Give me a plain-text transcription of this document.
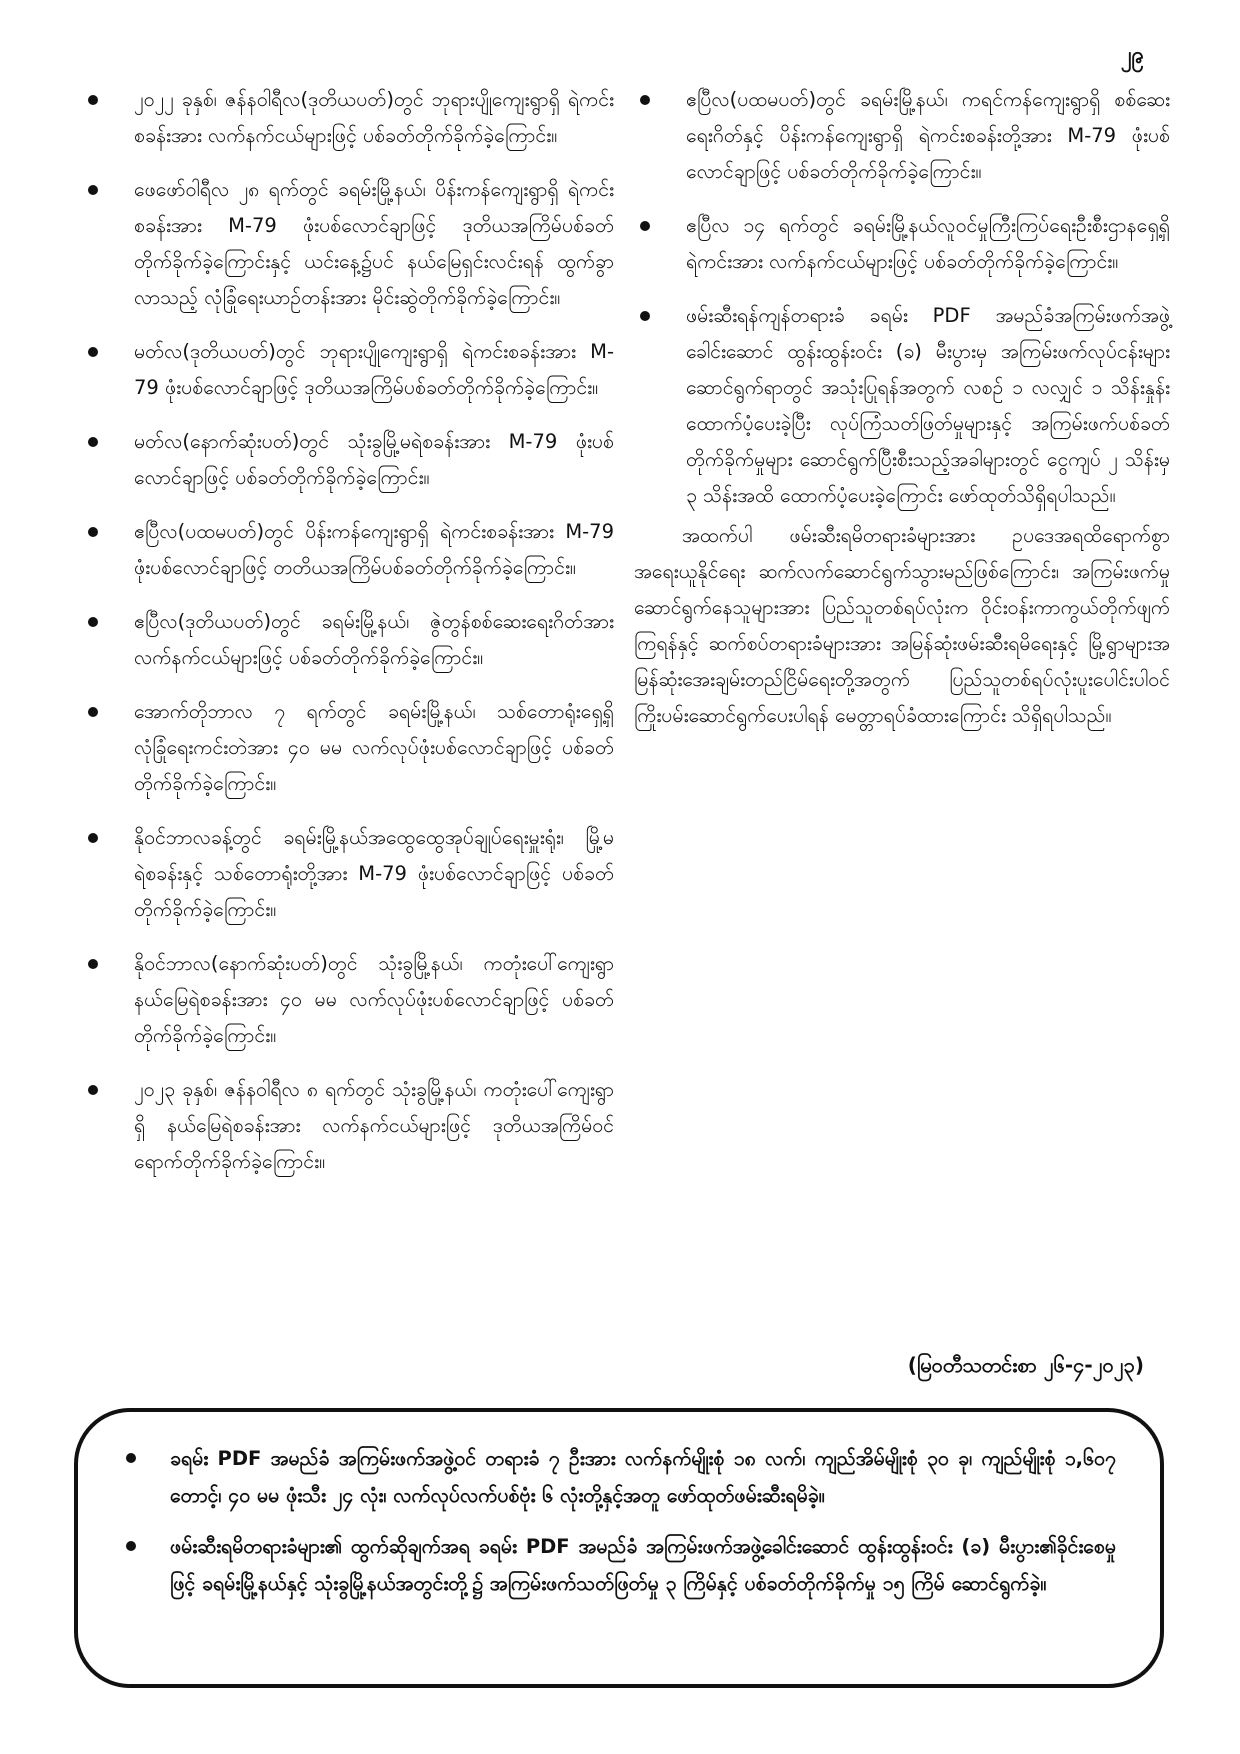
၂၉
၂၀၂၂ ခုနှစ်၊ ဇန်နဝါရီလ(ဒုတိယပတ်)တွင် ဘုရားပျိုကျေးရွာရှိ ရဲကင်းစခန်းအား လက်နက်ငယ်များဖြင့် ပစ်ခတ်တိုက်ခိုက်ခဲ့ကြောင်း။
ဖေဖော်ဝါရီလ ၂၈ ရက်တွင် ခရမ်းမြို့နယ်၊ ပိန်းကန်ကျေးရွာရှိ ရဲကင်းစခန်းအား M-79 ဖုံးပစ်လောင်ချာဖြင့် ဒုတိယအကြိမ်ပစ်ခတ်တိုက်ခိုက်ခဲ့ကြောင်းနှင့် ယင်းနေ့၌ပင် နယ်မြေရှင်းလင်းရန် ထွက်ခွာလာသည့် လုံခြုံရေးယာဉ်တန်းအား မိုင်းဆွဲတိုက်ခိုက်ခဲ့ကြောင်း။
မတ်လ(ဒုတိယပတ်)တွင် ဘုရားပျိုကျေးရွာရှိ ရဲကင်းစခန်းအား M-79 ဖုံးပစ်လောင်ချာဖြင့် ဒုတိယအကြိမ်ပစ်ခတ်တိုက်ခိုက်ခဲ့ကြောင်း။
မတ်လ(နောက်ဆုံးပတ်)တွင် သုံးခွမြို့မရဲစခန်းအား M-79 ဖုံးပစ်လောင်ချာဖြင့် ပစ်ခတ်တိုက်ခိုက်ခဲ့ကြောင်း။
ဧပြီလ(ပထမပတ်)တွင် ပိန်းကန်ကျေးရွာရှိ ရဲကင်းစခန်းအား M-79 ဖုံးပစ်လောင်ချာဖြင့် တတိယအကြိမ်ပစ်ခတ်တိုက်ခိုက်ခဲ့ကြောင်း။
ဧပြီလ(ဒုတိယပတ်)တွင် ခရမ်းမြို့နယ်၊ ဇွဲတွန်စစ်ဆေးရေးဂိတ်အား လက်နက်ငယ်များဖြင့် ပစ်ခတ်တိုက်ခိုက်ခဲ့ကြောင်း။
အောက်တိုဘာလ ၇ ရက်တွင် ခရမ်းမြို့နယ်၊ သစ်တောရုံးရှေ့ရှိ လုံခြုံရေးကင်းတဲအား ၄၀ မမ လက်လုပ်ဖုံးပစ်လောင်ချာဖြင့် ပစ်ခတ်တိုက်ခိုက်ခဲ့ကြောင်း။
နိုဝင်ဘာလခန့်တွင် ခရမ်းမြို့နယ်အထွေထွေအုပ်ချုပ်ရေးမှူးရုံး၊ မြို့မရဲစခန်းနှင့် သစ်တောရုံးတို့အား M-79 ဖုံးပစ်လောင်ချာဖြင့် ပစ်ခတ်တိုက်ခိုက်ခဲ့ကြောင်း။
နိုဝင်ဘာလ(နောက်ဆုံးပတ်)တွင် သုံးခွမြို့နယ်၊ ကတုံးပေါ်ကျေးရွာနယ်မြေရဲစခန်းအား ၄၀ မမ လက်လုပ်ဖုံးပစ်လောင်ချာဖြင့် ပစ်ခတ်တိုက်ခိုက်ခဲ့ကြောင်း။
၂၀၂၃ ခုနှစ်၊ ဇန်နဝါရီလ ၈ ရက်တွင် သုံးခွမြို့နယ်၊ ကတုံးပေါ်ကျေးရွာရှိ နယ်မြေရဲစခန်းအား လက်နက်ငယ်များဖြင့် ဒုတိယအကြိမ်ဝင်ရောက်တိုက်ခိုက်ခဲ့ကြောင်း။
ဧပြီလ(ပထမပတ်)တွင် ခရမ်းမြို့နယ်၊ ကရင်ကန်ကျေးရွာရှိ စစ်ဆေးရေးဂိတ်နှင့် ပိန်းကန်ကျေးရွာရှိ ရဲကင်းစခန်းတို့အား M-79 ဖုံးပစ်လောင်ချာဖြင့် ပစ်ခတ်တိုက်ခိုက်ခဲ့ကြောင်း။
ဧပြီလ ၁၄ ရက်တွင် ခရမ်းမြို့နယ်လူဝင်မှုကြီးကြပ်ရေးဦးစီးဌာနရှေ့ရှိ ရဲကင်းအား လက်နက်ငယ်များဖြင့် ပစ်ခတ်တိုက်ခိုက်ခဲ့ကြောင်း။
ဖမ်းဆီးရန်ကျန်တရားခံ ခရမ်း PDF အမည်ခံအကြမ်းဖက်အဖွဲ့ခေါင်းဆောင် ထွန်းထွန်းဝင်း (ခ) မီးပွားမှ အကြမ်းဖက်လုပ်ငန်းများဆောင်ရွက်ရာတွင် အသုံးပြုရန်အတွက် လစဉ် ၁ လလျှင် ၁ သိန်းနှုန်းထောက်ပံ့ပေးခဲ့ပြီး လုပ်ကြံသတ်ဖြတ်မှုများနှင့် အကြမ်းဖက်ပစ်ခတ်တိုက်ခိုက်မှုများ ဆောင်ရွက်ပြီးစီးသည့်အခါများတွင် ငွေကျပ် ၂ သိန်းမှ ၃ သိန်းအထိ ထောက်ပံ့ပေးခဲ့ကြောင်း ဖော်ထုတ်သိရှိရပါသည်။

အထက်ပါ ဖမ်းဆီးရမိတရားခံများအား ဥပဒေအရထိရောက်စွာအရေးယူနိုင်ရေး ဆက်လက်ဆောင်ရွက်သွားမည်ဖြစ်ကြောင်း၊ အကြမ်းဖက်မှုဆောင်ရွက်နေသူများအား ပြည်သူတစ်ရပ်လုံးက ဝိုင်းဝန်းကာကွယ်တိုက်ဖျက်ကြရန်နှင့် ဆက်စပ်တရားခံများအား အမြန်ဆုံးဖမ်းဆီးရမိရေးနှင့် မြို့ရွာများအမြန်ဆုံးအေးချမ်းတည်ငြိမ်ရေးတို့အတွက် ပြည်သူတစ်ရပ်လုံးပူးပေါင်းပါဝင်ကြိုးပမ်းဆောင်ရွက်ပေးပါရန် မေတ္တာရပ်ခံထားကြောင်း သိရှိရပါသည်။

(မြဝတီသတင်းစာ ၂၆-၄-၂၀၂၃)
ခရမ်း PDF အမည်ခံ အကြမ်းဖက်အဖွဲ့ဝင် တရားခံ ၇ ဦးအား လက်နက်မျိုးစုံ ၁၈ လက်၊ ကျည်အိမ်မျိုးစုံ ၃၀ ခု၊ ကျည်မျိုးစုံ ၁,၆၀၇ တောင့်၊ ၄၀ မမ ဖုံးသီး ၂၄ လုံး၊ လက်လုပ်လက်ပစ်ဗုံး ၆ လုံးတို့နှင့်အတူ ဖော်ထုတ်ဖမ်းဆီးရမိခဲ့။
ဖမ်းဆီးရမိတရားခံများ၏ ထွက်ဆိုချက်အရ ခရမ်း PDF အမည်ခံ အကြမ်းဖက်အဖွဲ့ခေါင်းဆောင် ထွန်းထွန်းဝင်း (ခ) မီးပွား၏ခိုင်းစေမှုဖြင့် ခရမ်းမြို့နယ်နှင့် သုံးခွမြို့နယ်အတွင်းတို့၌ အကြမ်းဖက်သတ်ဖြတ်မှု ၃ ကြိမ်နှင့် ပစ်ခတ်တိုက်ခိုက်မှု ၁၅ ကြိမ် ဆောင်ရွက်ခဲ့။
